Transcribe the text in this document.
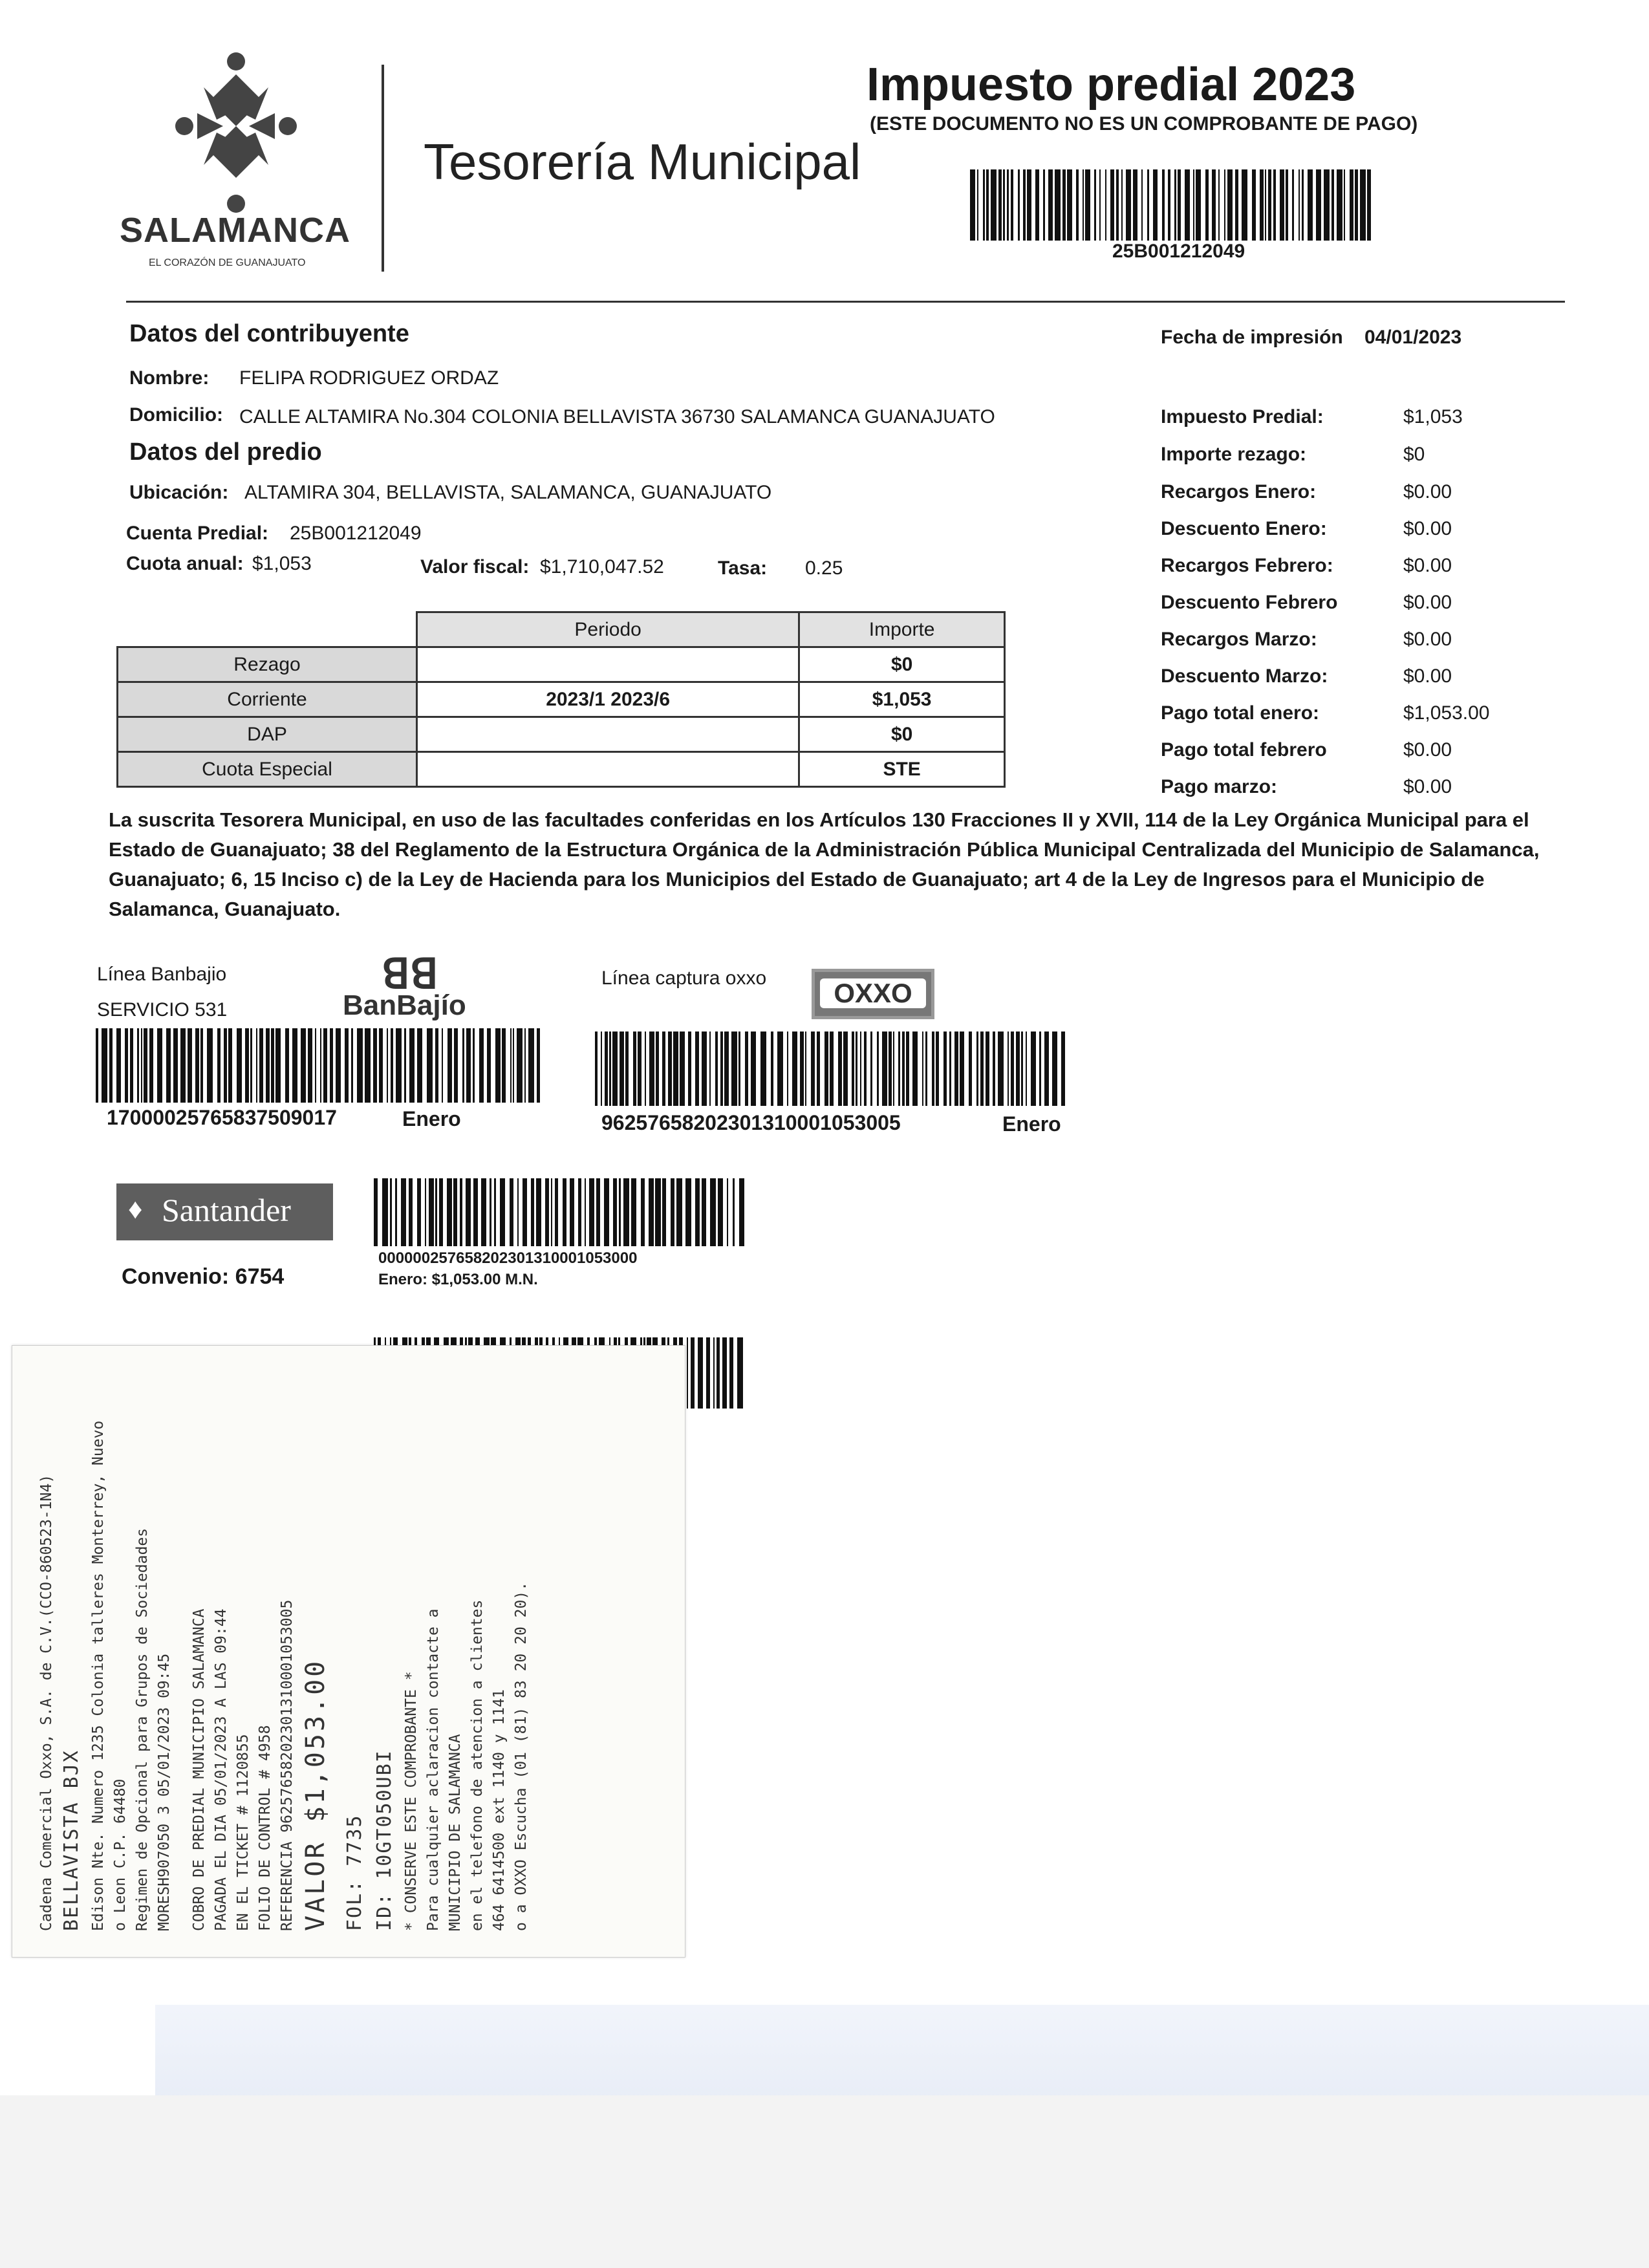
SALAMANCA
EL CORAZÓN DE GUANAJUATO
Tesorería Municipal
Impuesto predial 2023
(ESTE DOCUMENTO NO ES UN COMPROBANTE DE PAGO)
25B001212049
Datos del contribuyente	Fecha de impresión 04/01/2023
Nombre: FELIPA RODRIGUEZ ORDAZ
Domicilio: CALLE ALTAMIRA No.304 COLONIA BELLAVISTA 36730 SALAMANCA GUANAJUATO
Datos del predio
Ubicación: ALTAMIRA 304, BELLAVISTA, SALAMANCA, GUANAJUATO
Cuenta Predial: 25B001212049
Cuota anual: $1,053	Valor fiscal: $1,710,047.52	Tasa: 0.25
	Periodo	Importe
Rezago		$0
Corriente	2023/1 2023/6	$1,053
DAP		$0
Cuota Especial		STE
Impuesto Predial:	$1,053
Importe rezago:	$0
Recargos Enero:	$0.00
Descuento Enero:	$0.00
Recargos Febrero:	$0.00
Descuento Febrero	$0.00
Recargos Marzo:	$0.00
Descuento Marzo:	$0.00
Pago total enero:	$1,053.00
Pago total febrero	$0.00
Pago marzo:	$0.00
La suscrita Tesorera Municipal, en uso de las facultades conferidas en los Artículos 130 Fracciones II y XVII, 114 de la Ley Orgánica Municipal para el Estado de Guanajuato; 38 del Reglamento de la Estructura Orgánica de la Administración Pública Municipal Centralizada del Municipio de Salamanca, Guanajuato; 6, 15 Inciso c) de la Ley de Hacienda para los Municipios del Estado de Guanajuato; art 4 de la Ley de Ingresos para el Municipio de Salamanca, Guanajuato.
Línea Banbajio
SERVICIO 531
ꓭꓭ
BanBajío
17000025765837509017	Enero
Línea captura oxxo	OXXO
96257658202301310001053005	Enero
♦ Santander
000000257658202301310001053000
Enero: $1,053.00 M.N.
Convenio: 6754
Cadena Comercial Oxxo, S.A. de C.V.(CCO-860523-1N4) BELLAVISTA BJX Edison Nte. Numero 1235 Colonia talleres Monterrey, Nuevo o Leon C.P. 64480 Regimen de Opcional para Grupos de Sociedades MORESH907050 3 05/01/2023 09:45	COBRO DE PREDIAL MUNICIPIO SALAMANCA PAGADA EL DIA 05/01/2023 A LAS 09:44 EN EL TICKET # 1120855 FOLIO DE CONTROL # 4958 REFERENCIA 96257658202301310001053005 VALOR $1,053.00 FOL: 7735 ID: 10GT050UBI * CONSERVE ESTE COMPROBANTE * Para cualquier aclaracion contacte a MUNICIPIO DE SALAMANCA en el telefono de atencion a clientes 464 6414500 ext 1140 y 1141 o a OXXO Escucha (01 (81) 83 20 20 20).
